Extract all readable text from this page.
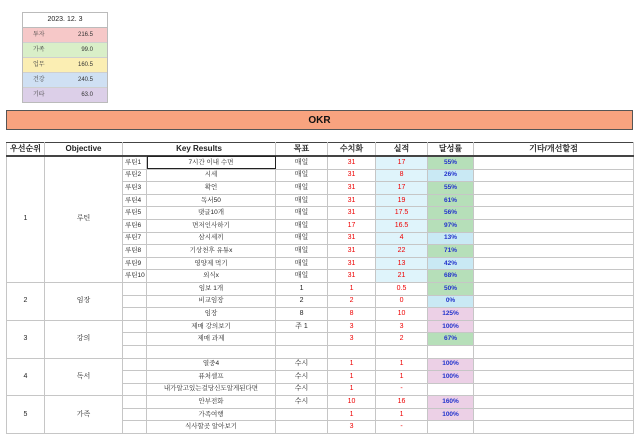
2023. 12. 3
투자	216.5
가족	99.0
업무	160.5
건강	240.5
기타	63.0
OKR
우선순위	Objective	Key Results		목표	수치화	실적	달성률	기타/개선할점
1	루틴	루틴1	7시간 이내 수면	매일	31	17	55%	
		루틴2	시세	매일	31	8	26%	
		루틴3	확언	매일	31	17	55%	
		루틴4	독서50	매일	31	19	61%	
		루틴5	댓글10개	매일	31	17.5	56%	
		루틴6	면저인사하기	매일	17	16.5	97%	
		루틴7	삼시세끼	매일	31	4	13%	
		루틴8	기상천후 유튜x	매일	31	22	71%	
		루틴9	영양제 먹기	매일	31	13	42%	
		루틴10	외식x	매일	31	21	68%	
2	임장		임보 1개	1	1	0.5	50%	
			비교임장	2	2	0	0%	
			임장	8	8	10	125%	
3	강의		제매 강의보기	주 1	3	3	100%	
			제매 과제		3	2	67%	

4	독서		열중4	수시	1	1	100%	
			퓨처셀프	수시	1	1	100%	
			내가알고있는걸당신도알게된다면	수시	1	-		
5	가족		안부전화	수시	10	16	160%	
			가족여행		1	1	100%	
			식사할곳 알아보기		3	-		
